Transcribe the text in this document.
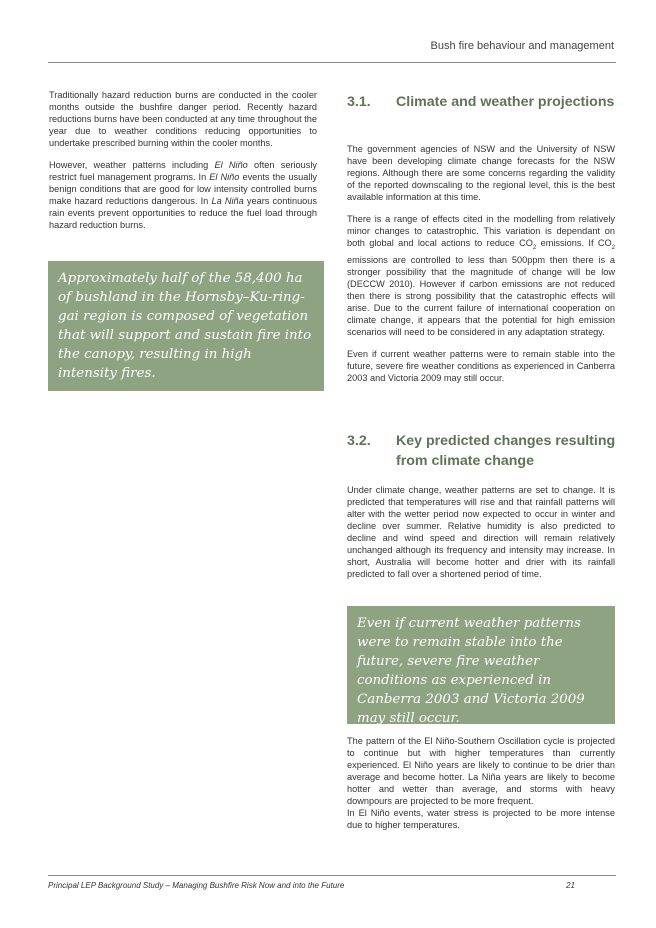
Bush fire behaviour and management

Traditionally hazard reduction burns are conducted in the cooler months outside the bushfire danger period. Recently hazard reductions burns have been conducted at any time throughout the year due to weather conditions reducing opportunities to undertake prescribed burning within the cooler months.

However, weather patterns including El Niño often seriously restrict fuel management programs. In El Niño events the usually benign conditions that are good for low intensity controlled burns make hazard reductions dangerous. In La Niña years continuous rain events prevent opportunities to reduce the fuel load through hazard reduction burns.

Approximately half of the 58,400 ha of bushland in the Hornsby–Ku-ring-gai region is composed of vegetation that will support and sustain fire into the canopy, resulting in high intensity fires.
3.1. Climate and weather projections

The government agencies of NSW and the University of NSW have been developing climate change forecasts for the NSW regions. Although there are some concerns regarding the validity of the reported downscaling to the regional level, this is the best available information at this time.

There is a range of effects cited in the modelling from relatively minor changes to catastrophic. This variation is dependant on both global and local actions to reduce $CO_2$ emissions. If $CO_2$ emissions are controlled to less than 500ppm then there is a stronger possibility that the magnitude of change will be low (DECCW 2010). However if carbon emissions are not reduced then there is strong possibility that the catastrophic effects will arise. Due to the current failure of international cooperation on climate change, it appears that the potential for high emission scenarios will need to be considered in any adaptation strategy.

Even if current weather patterns were to remain stable into the future, severe fire weather conditions as experienced in Canberra 2003 and Victoria 2009 may still occur.

3.2. Key predicted changes resulting from climate change

Under climate change, weather patterns are set to change. It is predicted that temperatures will rise and that rainfall patterns will alter with the wetter period now expected to occur in winter and decline over summer. Relative humidity is also predicted to decline and wind speed and direction will remain relatively unchanged although its frequency and intensity may increase. In short, Australia will become hotter and drier with its rainfall predicted to fall over a shortened period of time.

Even if current weather patterns were to remain stable into the future, severe fire weather conditions as experienced in Canberra 2003 and Victoria 2009 may still occur.

The pattern of the El Niño-Southern Oscillation cycle is projected to continue but with higher temperatures than currently experienced. El Niño years are likely to continue to be drier than average and become hotter. La Niña years are likely to become hotter and wetter than average, and storms with heavy downpours are projected to be more frequent.

In El Niño events, water stress is projected to be more intense due to higher temperatures.

Principal LEP Background Study – Managing Bushfire Risk Now and into the Future	21
